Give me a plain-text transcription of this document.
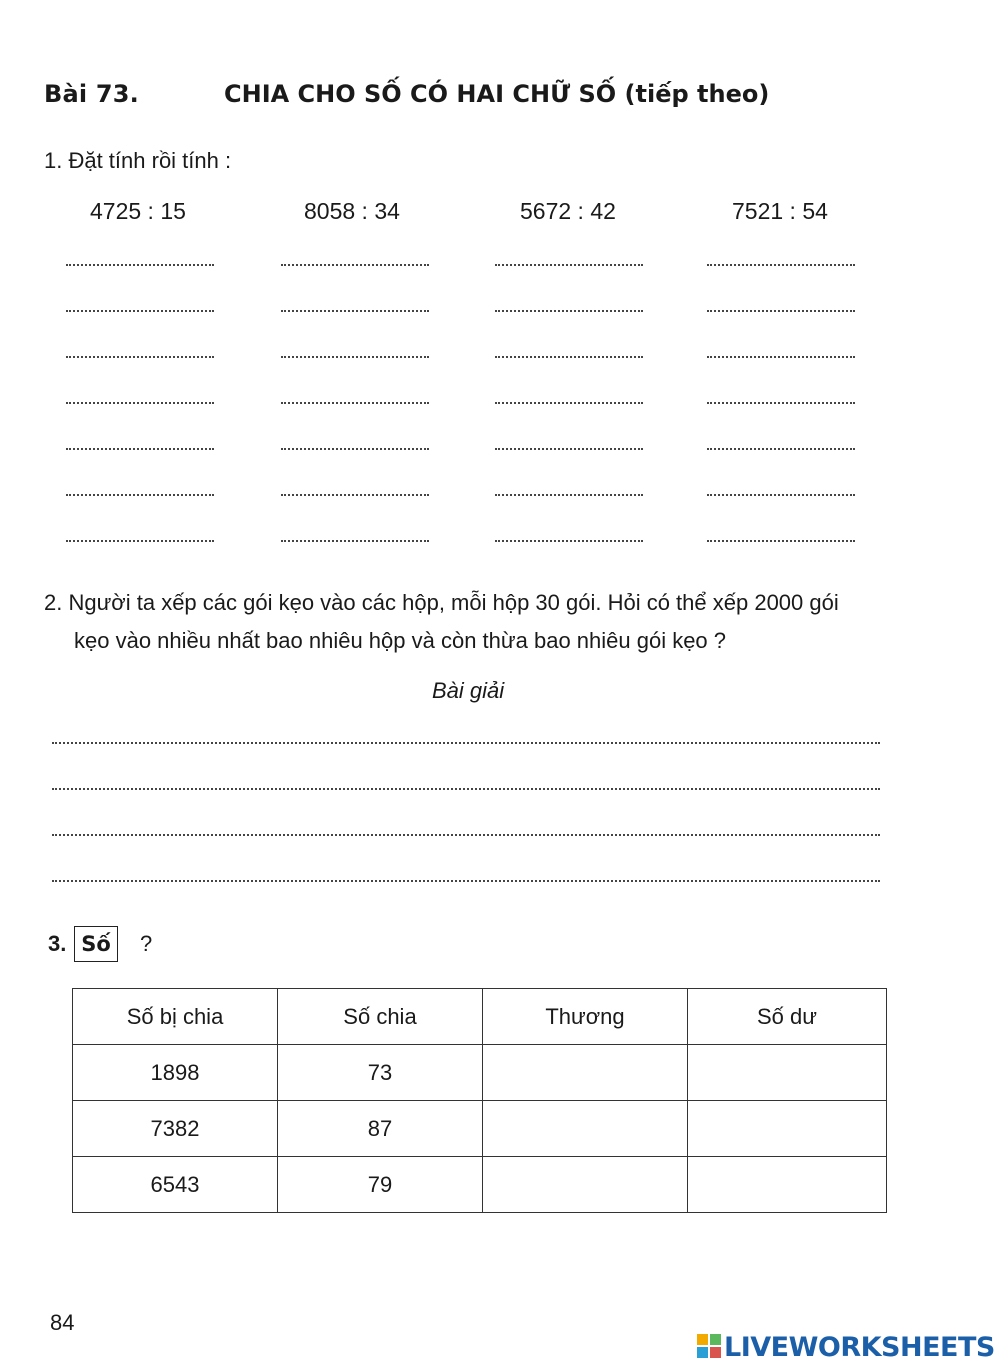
Bài 73.	CHIA CHO SỐ CÓ HAI CHỮ SỐ (tiếp theo)
1. Đặt tính rồi tính :
4725 : 15	8058 : 34	5672 : 42	7521 : 54
2. Người ta xếp các gói kẹo vào các hộp, mỗi hộp 30 gói. Hỏi có thể xếp 2000 gói
kẹo vào nhiều nhất bao nhiêu hộp và còn thừa bao nhiêu gói kẹo ?
Bài giải
3. Số	?
Số bị chia	Số chia	Thương	Số dư
1898	73		
7382	87		
6543	79		
84
LIVEWORKSHEETS
